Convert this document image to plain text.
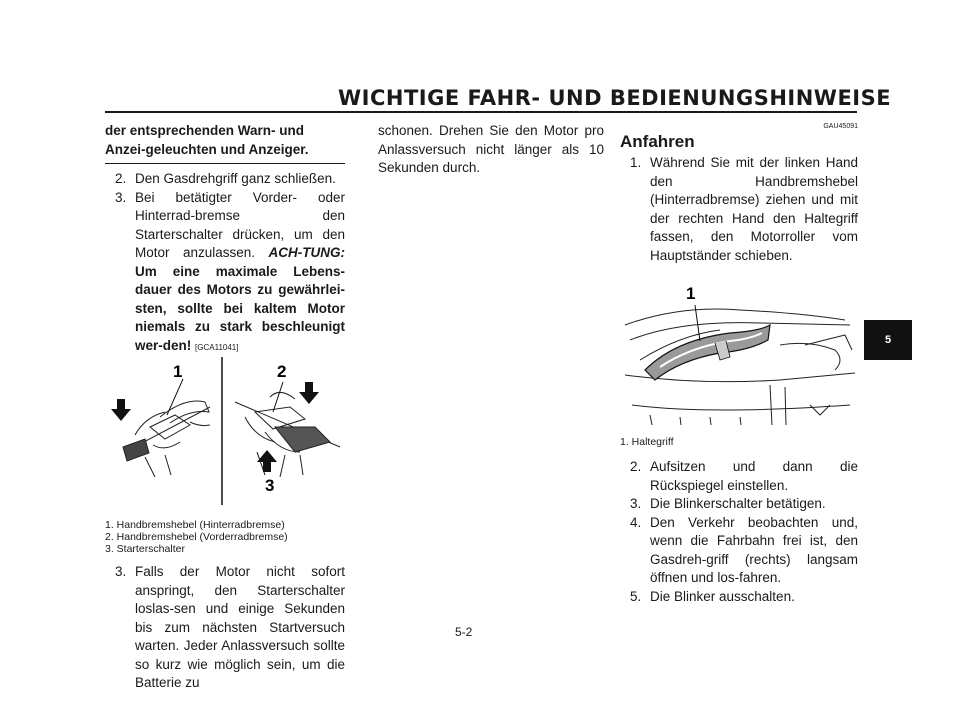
WICHTIGE FAHR- UND BEDIENUNGSHINWEISE
5
der entsprechenden Warn- und Anzei-geleuchten und Anzeiger.
2. Den Gasdrehgriff ganz schließen.
3. Bei betätigter Vorder- oder Hinterrad-bremse den Starterschalter drücken, um den Motor anzulassen. ACH-TUNG: Um eine maximale Lebens-dauer des Motors zu gewährlei-sten, sollte bei kaltem Motor niemals zu stark beschleunigt wer-den! [GCA11041]
1	2
3
1. Handbremshebel (Hinterradbremse)
2. Handbremshebel (Vorderradbremse)
3. Starterschalter
3. Falls der Motor nicht sofort anspringt, den Starterschalter loslas-sen und einige Sekunden bis zum nächsten Startversuch warten. Jeder Anlassversuch sollte so kurz wie möglich sein, um die Batterie zu
schonen. Drehen Sie den Motor pro Anlassversuch nicht länger als 10 Sekunden durch.
GAU45091
Anfahren
1. Während Sie mit der linken Hand den Handbremshebel (Hinterradbremse) ziehen und mit der rechten Hand den Haltegriff fassen, den Motorroller vom Hauptständer schieben.
1
1. Haltegriff
2. Aufsitzen und dann die Rückspiegel einstellen.
3. Die Blinkerschalter betätigen.
4. Den Verkehr beobachten und, wenn die Fahrbahn frei ist, den Gasdreh-griff (rechts) langsam öffnen und los-fahren.
5. Die Blinker ausschalten.
5-2
